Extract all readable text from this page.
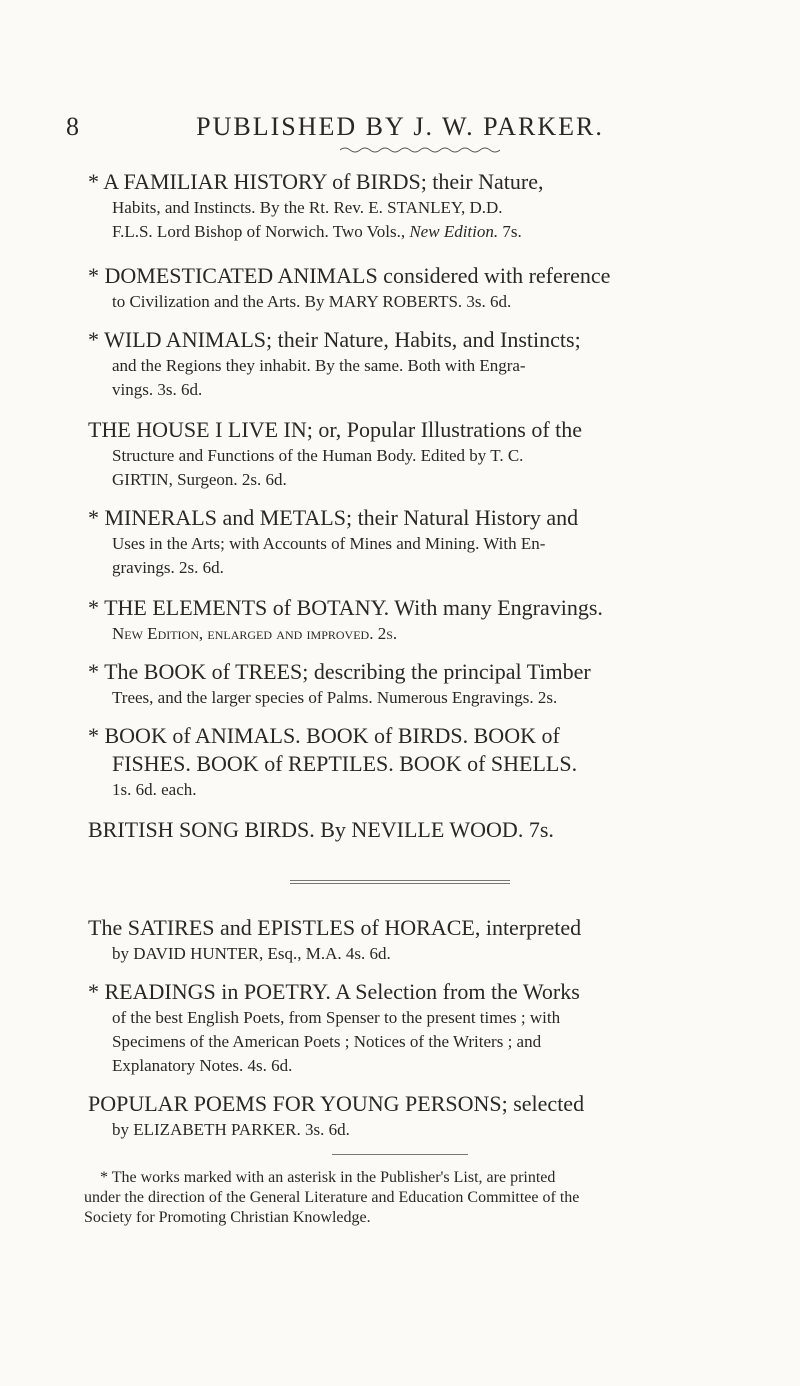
8	PUBLISHED BY J. W. PARKER.

* A FAMILIAR HISTORY of BIRDS; their Nature,

Habits, and Instincts. By the Rt. Rev. E. STANLEY, D.D.

F.L.S. Lord Bishop of Norwich. Two Vols., New Edition. 7s.

* DOMESTICATED ANIMALS considered with reference

to Civilization and the Arts. By MARY ROBERTS. 3s. 6d.

* WILD ANIMALS; their Nature, Habits, and Instincts;

and the Regions they inhabit. By the same. Both with Engra-

vings. 3s. 6d.

THE HOUSE I LIVE IN; or, Popular Illustrations of the

Structure and Functions of the Human Body. Edited by T. C.

GIRTIN, Surgeon. 2s. 6d.

* MINERALS and METALS; their Natural History and

Uses in the Arts; with Accounts of Mines and Mining. With En-

gravings. 2s. 6d.

* THE ELEMENTS of BOTANY. With many Engravings.

New Edition, enlarged and improved. 2s.

* The BOOK of TREES; describing the principal Timber

Trees, and the larger species of Palms. Numerous Engravings. 2s.

* BOOK of ANIMALS. BOOK of BIRDS. BOOK of

FISHES. BOOK of REPTILES. BOOK of SHELLS.

1s. 6d. each.

BRITISH SONG BIRDS. By NEVILLE WOOD. 7s.

The SATIRES and EPISTLES of HORACE, interpreted

by DAVID HUNTER, Esq., M.A. 4s. 6d.

* READINGS in POETRY. A Selection from the Works

of the best English Poets, from Spenser to the present times ; with

Specimens of the American Poets ; Notices of the Writers ; and

Explanatory Notes. 4s. 6d.

POPULAR POEMS FOR YOUNG PERSONS; selected

by ELIZABETH PARKER. 3s. 6d.

* The works marked with an asterisk in the Publisher's List, are printed

under the direction of the General Literature and Education Committee of the

Society for Promoting Christian Knowledge.
